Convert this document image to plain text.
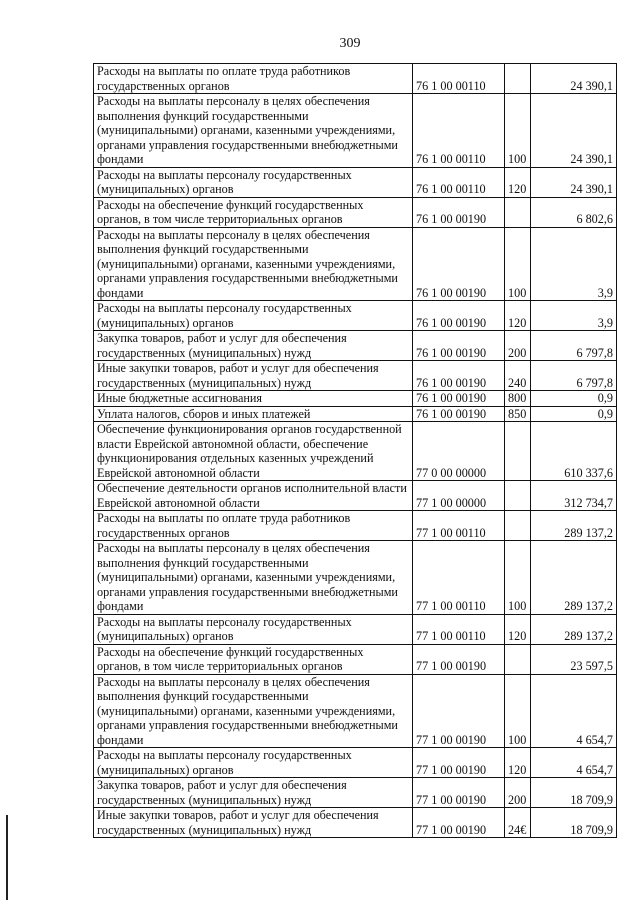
309
Расходы на выплаты по оплате труда работников государственных органов	76 1 00 00110		24 390,1
Расходы на выплаты персоналу в целях обеспечения выполнения функций государственными (муниципальными) органами, казенными учреждениями, органами управления государственными внебюджетными фондами	76 1 00 00110	100	24 390,1
Расходы на выплаты персоналу государственных (муниципальных) органов	76 1 00 00110	120	24 390,1
Расходы на обеспечение функций государственных органов, в том числе территориальных органов	76 1 00 00190		6 802,6
Расходы на выплаты персоналу в целях обеспечения выполнения функций государственными (муниципальными) органами, казенными учреждениями, органами управления государственными внебюджетными фондами	76 1 00 00190	100	3,9
Расходы на выплаты персоналу государственных (муниципальных) органов	76 1 00 00190	120	3,9
Закупка товаров, работ и услуг для обеспечения государственных (муниципальных) нужд	76 1 00 00190	200	6 797,8
Иные закупки товаров, работ и услуг для обеспечения государственных (муниципальных) нужд	76 1 00 00190	240	6 797,8
Иные бюджетные ассигнования	76 1 00 00190	800	0,9
Уплата налогов, сборов и иных платежей	76 1 00 00190	850	0,9
Обеспечение функционирования органов государственной власти Еврейской автономной области, обеспечение функционирования отдельных казенных учреждений Еврейской автономной области	77 0 00 00000		610 337,6
Обеспечение деятельности органов исполнительной власти Еврейской автономной области	77 1 00 00000		312 734,7
Расходы на выплаты по оплате труда работников государственных органов	77 1 00 00110		289 137,2
Расходы на выплаты персоналу в целях обеспечения выполнения функций государственными (муниципальными) органами, казенными учреждениями, органами управления государственными внебюджетными фондами	77 1 00 00110	100	289 137,2
Расходы на выплаты персоналу государственных (муниципальных) органов	77 1 00 00110	120	289 137,2
Расходы на обеспечение функций государственных органов, в том числе территориальных органов	77 1 00 00190		23 597,5
Расходы на выплаты персоналу в целях обеспечения выполнения функций государственными (муниципальными) органами, казенными учреждениями, органами управления государственными внебюджетными фондами	77 1 00 00190	100	4 654,7
Расходы на выплаты персоналу государственных (муниципальных) органов	77 1 00 00190	120	4 654,7
Закупка товаров, работ и услуг для обеспечения государственных (муниципальных) нужд	77 1 00 00190	200	18 709,9
Иные закупки товаров, работ и услуг для обеспечения государственных (муниципальных) нужд	77 1 00 00190	24€	18 709,9
